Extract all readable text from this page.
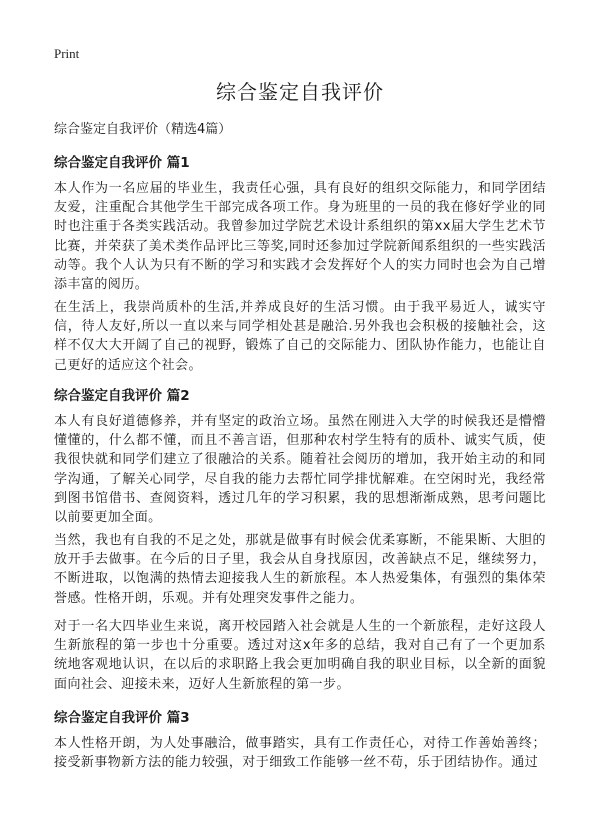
Print
综合鉴定自我评价

综合鉴定自我评价（精选4篇）

综合鉴定自我评价 篇1

本人作为一名应届的毕业生，我责任心强，具有良好的组织交际能力，和同学团结友爱，注重配合其他学生干部完成各项工作。身为班里的一员的我在修好学业的同时也注重于各类实践活动。我曾参加过学院艺术设计系组织的第xx届大学生艺术节比赛，并荣获了美术类作品评比三等奖,同时还参加过学院新闻系组织的一些实践活动等。我个人认为只有不断的学习和实践才会发挥好个人的实力同时也会为自己增添丰富的阅历。

在生活上，我崇尚质朴的生活,并养成良好的生活习惯。由于我平易近人，诚实守信，待人友好,所以一直以来与同学相处甚是融洽.另外我也会积极的接触社会，这样不仅大大开阔了自己的视野，锻炼了自己的交际能力、团队协作能力，也能让自己更好的适应这个社会。

综合鉴定自我评价 篇2

本人有良好道德修养，并有坚定的政治立场。虽然在刚进入大学的时候我还是懵懵懂懂的，什么都不懂，而且不善言语，但那种农村学生特有的质朴、诚实气质，使我很快就和同学们建立了很融洽的关系。随着社会阅历的增加，我开始主动的和同学沟通，了解关心同学，尽自我的能力去帮忙同学排忧解难。在空闲时光，我经常到图书馆借书、查阅资料，透过几年的学习积累，我的思想渐渐成熟，思考问题比以前要更加全面。

当然，我也有自我的不足之处，那就是做事有时候会优柔寡断，不能果断、大胆的放开手去做事。在今后的日子里，我会从自身找原因，改善缺点不足，继续努力，不断进取，以饱满的热情去迎接我人生的新旅程。本人热爱集体，有强烈的集体荣誉感。性格开朗，乐观。并有处理突发事件之能力。

对于一名大四毕业生来说，离开校园踏入社会就是人生的一个新旅程，走好这段人生新旅程的第一步也十分重要。透过对这x年多的总结，我对自己有了一个更加系统地客观地认识，在以后的求职路上我会更加明确自我的职业目标，以全新的面貌面向社会、迎接未来，迈好人生新旅程的第一步。

综合鉴定自我评价 篇3

本人性格开朗，为人处事融洽，做事踏实，具有工作责任心，对待工作善始善终；接受新事物新方法的能力较强，对于细致工作能够一丝不苟，乐于团结协作。通过
